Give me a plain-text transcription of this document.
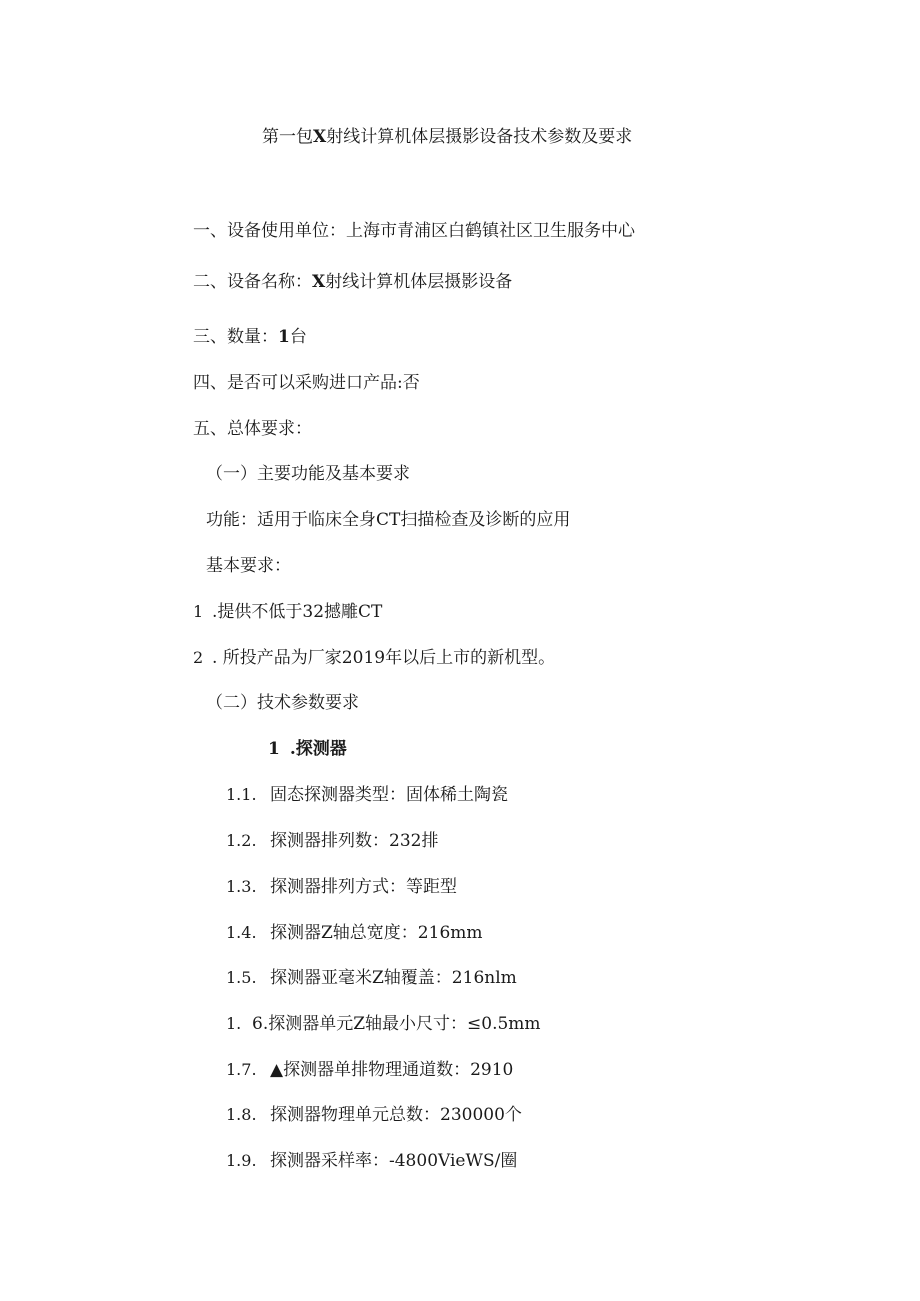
第一包X射线计算机体层摄影设备技术参数及要求
一、设备使用单位：上海市青浦区白鹤镇社区卫生服务中心
二、设备名称：X射线计算机体层摄影设备
三、数量：1台
四、是否可以采购进口产品:否
五、总体要求：
（一）主要功能及基本要求
功能：适用于临床全身CT扫描检查及诊断的应用
基本要求：
1 .提供不低于32撼雕CT
2 . 所投产品为厂家2019年以后上市的新机型。
（二）技术参数要求
1 .探测器
1.1. 固态探测器类型：固体稀土陶瓷
1.2. 探测器排列数：232排
1.3. 探测器排列方式：等距型
1.4. 探测器Z轴总宽度：216mm
1.5. 探测器亚毫米Z轴覆盖：216nlm
1. 6.探测器单元Z轴最小尺寸：≤0.5mm
1.7. ▲探测器单排物理通道数：2910
1.8. 探测器物理单元总数：230000个
1.9. 探测器采样率：-4800VieWS/圈
